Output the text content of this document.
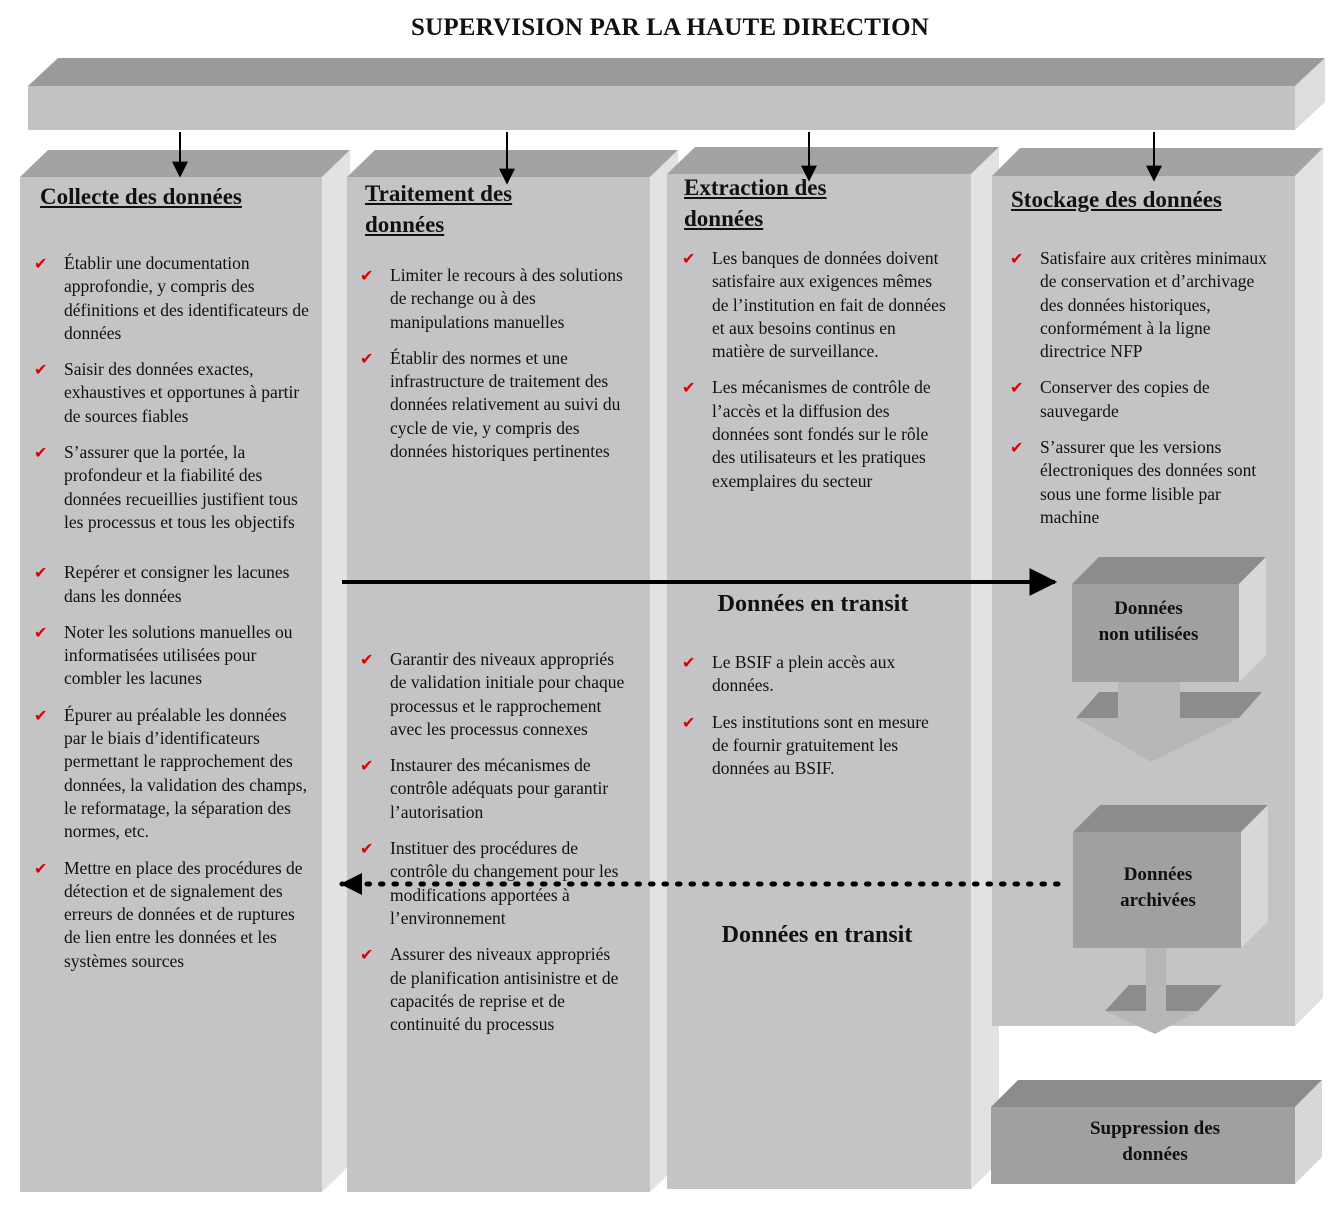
SUPERVISION PAR LA HAUTE DIRECTION
Collecte des données
✔ Établir une documentation approfondie, y compris des définitions et des identificateurs de données
✔ Saisir des données exactes, exhaustives et opportunes à partir de sources fiables
✔ S’assurer que la portée, la profondeur et la fiabilité des données recueillies justifient tous les processus et tous les objectifs
✔ Repérer et consigner les lacunes dans les données
✔ Noter les solutions manuelles ou informatisées utilisées pour combler les lacunes
✔ Épurer au préalable les données par le biais d’identificateurs permettant le rapprochement des données, la validation des champs, le reformatage, la séparation des normes, etc.
✔ Mettre en place des procédures de détection et de signalement des erreurs de données et de ruptures de lien entre les données et les systèmes sources
Traitement des données
✔ Limiter le recours à des solutions de rechange ou à des manipulations manuelles
✔ Établir des normes et une infrastructure de traitement des données relativement au suivi du cycle de vie, y compris des données historiques pertinentes
✔ Garantir des niveaux appropriés de validation initiale pour chaque processus et le rapprochement avec les processus connexes
✔ Instaurer des mécanismes de contrôle adéquats pour garantir l’autorisation
✔ Instituer des procédures de contrôle du changement pour les modifications apportées à l’environnement
✔ Assurer des niveaux appropriés de planification antisinistre et de capacités de reprise et de continuité du processus
Extraction des données
✔ Les banques de données doivent satisfaire aux exigences mêmes de l’institution en fait de données et aux besoins continus en matière de surveillance.
✔ Les mécanismes de contrôle de l’accès et la diffusion des données sont fondés sur le rôle des utilisateurs et les pratiques exemplaires du secteur
Données en transit
✔ Le BSIF a plein accès aux données.
✔ Les institutions sont en mesure de fournir gratuitement les données au BSIF.
Données en transit
Stockage des données
✔ Satisfaire aux critères minimaux de conservation et d’archivage des données historiques, conformément à la ligne directrice NFP
✔ Conserver des copies de sauvegarde
✔ S’assurer que les versions électroniques des données sont sous une forme lisible par machine
Données
non utilisées
Données
archivées
Suppression des
données
